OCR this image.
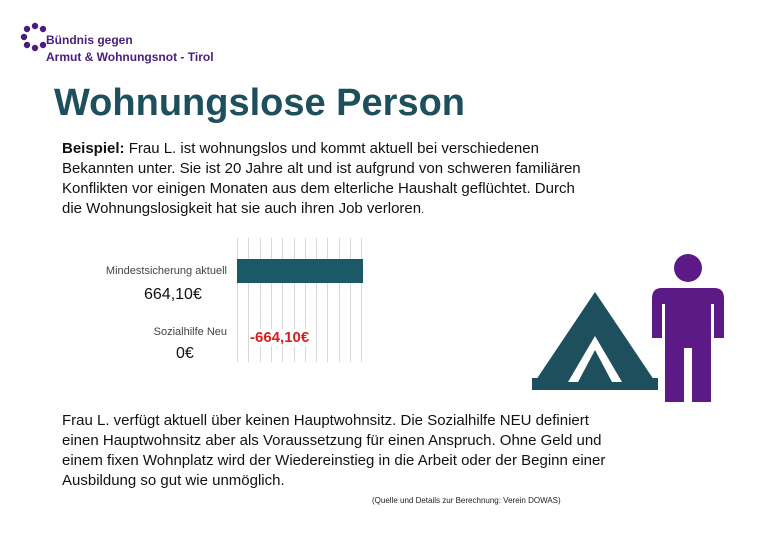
Bündnis gegen
Armut & Wohnungsnot - Tirol
Wohnungslose Person
Beispiel: Frau L. ist wohnungslos und kommt aktuell bei verschiedenen Bekannten unter. Sie ist 20 Jahre alt und ist aufgrund von schweren familiären Konflikten vor einigen Monaten aus dem elterliche Haushalt geflüchtet. Durch die Wohnungslosigkeit hat sie auch ihren Job verloren.
Mindestsicherung aktuell
664,10€
Sozialhilfe Neu -664,10€
0€
Frau L. verfügt aktuell über keinen Hauptwohnsitz. Die Sozialhilfe NEU definiert einen Hauptwohnsitz aber als Voraussetzung für einen Anspruch. Ohne Geld und einem fixen Wohnplatz wird der Wiedereinstieg in die Arbeit oder der Beginn einer Ausbildung so gut wie unmöglich.
(Quelle und Details zur Berechnung: Verein DOWAS)
